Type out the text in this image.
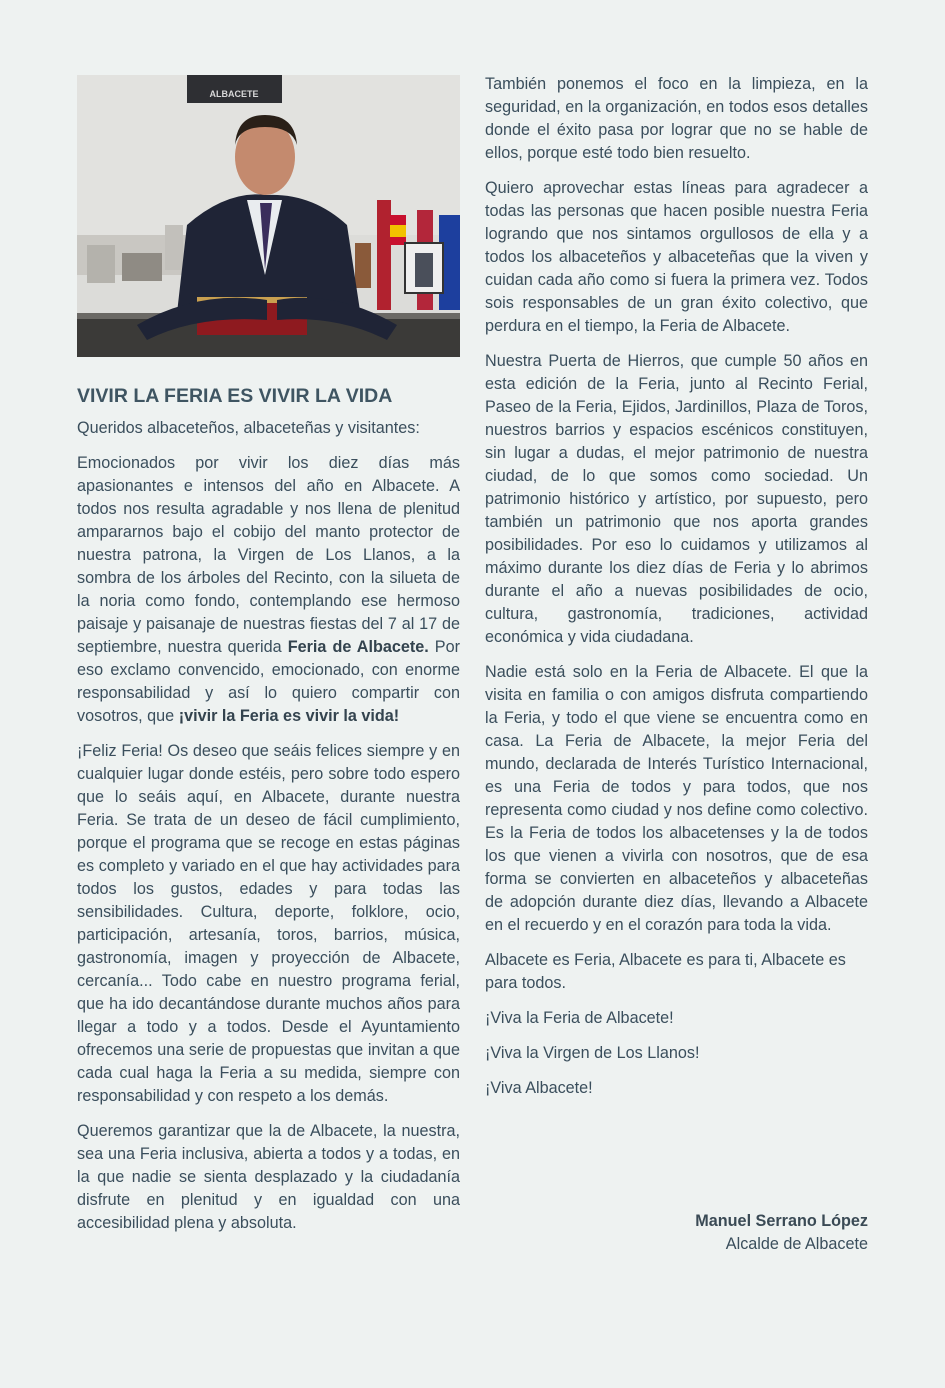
ALBACETE
VIVIR LA FERIA ES VIVIR LA VIDA

Queridos albaceteños, albaceteñas y visitantes:

Emocionados por vivir los diez días más apasionantes e intensos del año en Albacete. A todos nos resulta agradable y nos llena de plenitud ampararnos bajo el cobijo del manto protector de nuestra patrona, la Virgen de Los Llanos, a la sombra de los árboles del Recinto, con la silueta de la noria como fondo, contemplando ese hermoso paisaje y paisanaje de nuestras fiestas del 7 al 17 de septiembre, nuestra querida Feria de Albacete. Por eso exclamo convencido, emocionado, con enorme responsabilidad y así lo quiero compartir con vosotros, que ¡vivir la Feria es vivir la vida!

¡Feliz Feria! Os deseo que seáis felices siempre y en cualquier lugar donde estéis, pero sobre todo espero que lo seáis aquí, en Albacete, durante nuestra Feria. Se trata de un deseo de fácil cumplimiento, porque el programa que se recoge en estas páginas es completo y variado en el que hay actividades para todos los gustos, edades y para todas las sensibilidades. Cultura, deporte, folklore, ocio, participación, artesanía, toros, barrios, música, gastronomía, imagen y proyección de Albacete, cercanía... Todo cabe en nuestro programa ferial, que ha ido decantándose durante muchos años para llegar a todo y a todos. Desde el Ayuntamiento ofrecemos una serie de propuestas que invitan a que cada cual haga la Feria a su medida, siempre con responsabilidad y con respeto a los demás.

Queremos garantizar que la de Albacete, la nuestra, sea una Feria inclusiva, abierta a todos y a todas, en la que nadie se sienta desplazado y la ciudadanía disfrute en plenitud y en igualdad con una accesibilidad plena y absoluta.

También ponemos el foco en la limpieza, en la seguridad, en la organización, en todos esos detalles donde el éxito pasa por lograr que no se hable de ellos, porque esté todo bien resuelto.

Quiero aprovechar estas líneas para agradecer a todas las personas que hacen posible nuestra Feria logrando que nos sintamos orgullosos de ella y a todos los albaceteños y albaceteñas que la viven y cuidan cada año como si fuera la primera vez. Todos sois responsables de un gran éxito colectivo, que perdura en el tiempo, la Feria de Albacete.

Nuestra Puerta de Hierros, que cumple 50 años en esta edición de la Feria, junto al Recinto Ferial, Paseo de la Feria, Ejidos, Jardinillos, Plaza de Toros, nuestros barrios y espacios escénicos constituyen, sin lugar a dudas, el mejor patrimonio de nuestra ciudad, de lo que somos como sociedad. Un patrimonio histórico y artístico, por supuesto, pero también un patrimonio que nos aporta grandes posibilidades. Por eso lo cuidamos y utilizamos al máximo durante los diez días de Feria y lo abrimos durante el año a nuevas posibilidades de ocio, cultura, gastronomía, tradiciones, actividad económica y vida ciudadana.

Nadie está solo en la Feria de Albacete. El que la visita en familia o con amigos disfruta compartiendo la Feria, y todo el que viene se encuentra como en casa. La Feria de Albacete, la mejor Feria del mundo, declarada de Interés Turístico Internacional, es una Feria de todos y para todos, que nos representa como ciudad y nos define como colectivo. Es la Feria de todos los albacetenses y la de todos los que vienen a vivirla con nosotros, que de esa forma se convierten en albaceteños y albaceteñas de adopción durante diez días, llevando a Albacete en el recuerdo y en el corazón para toda la vida.

Albacete es Feria, Albacete es para ti, Albacete es para todos.

¡Viva la Feria de Albacete!

¡Viva la Virgen de Los Llanos!

¡Viva Albacete!

Manuel Serrano López
Alcalde de Albacete
